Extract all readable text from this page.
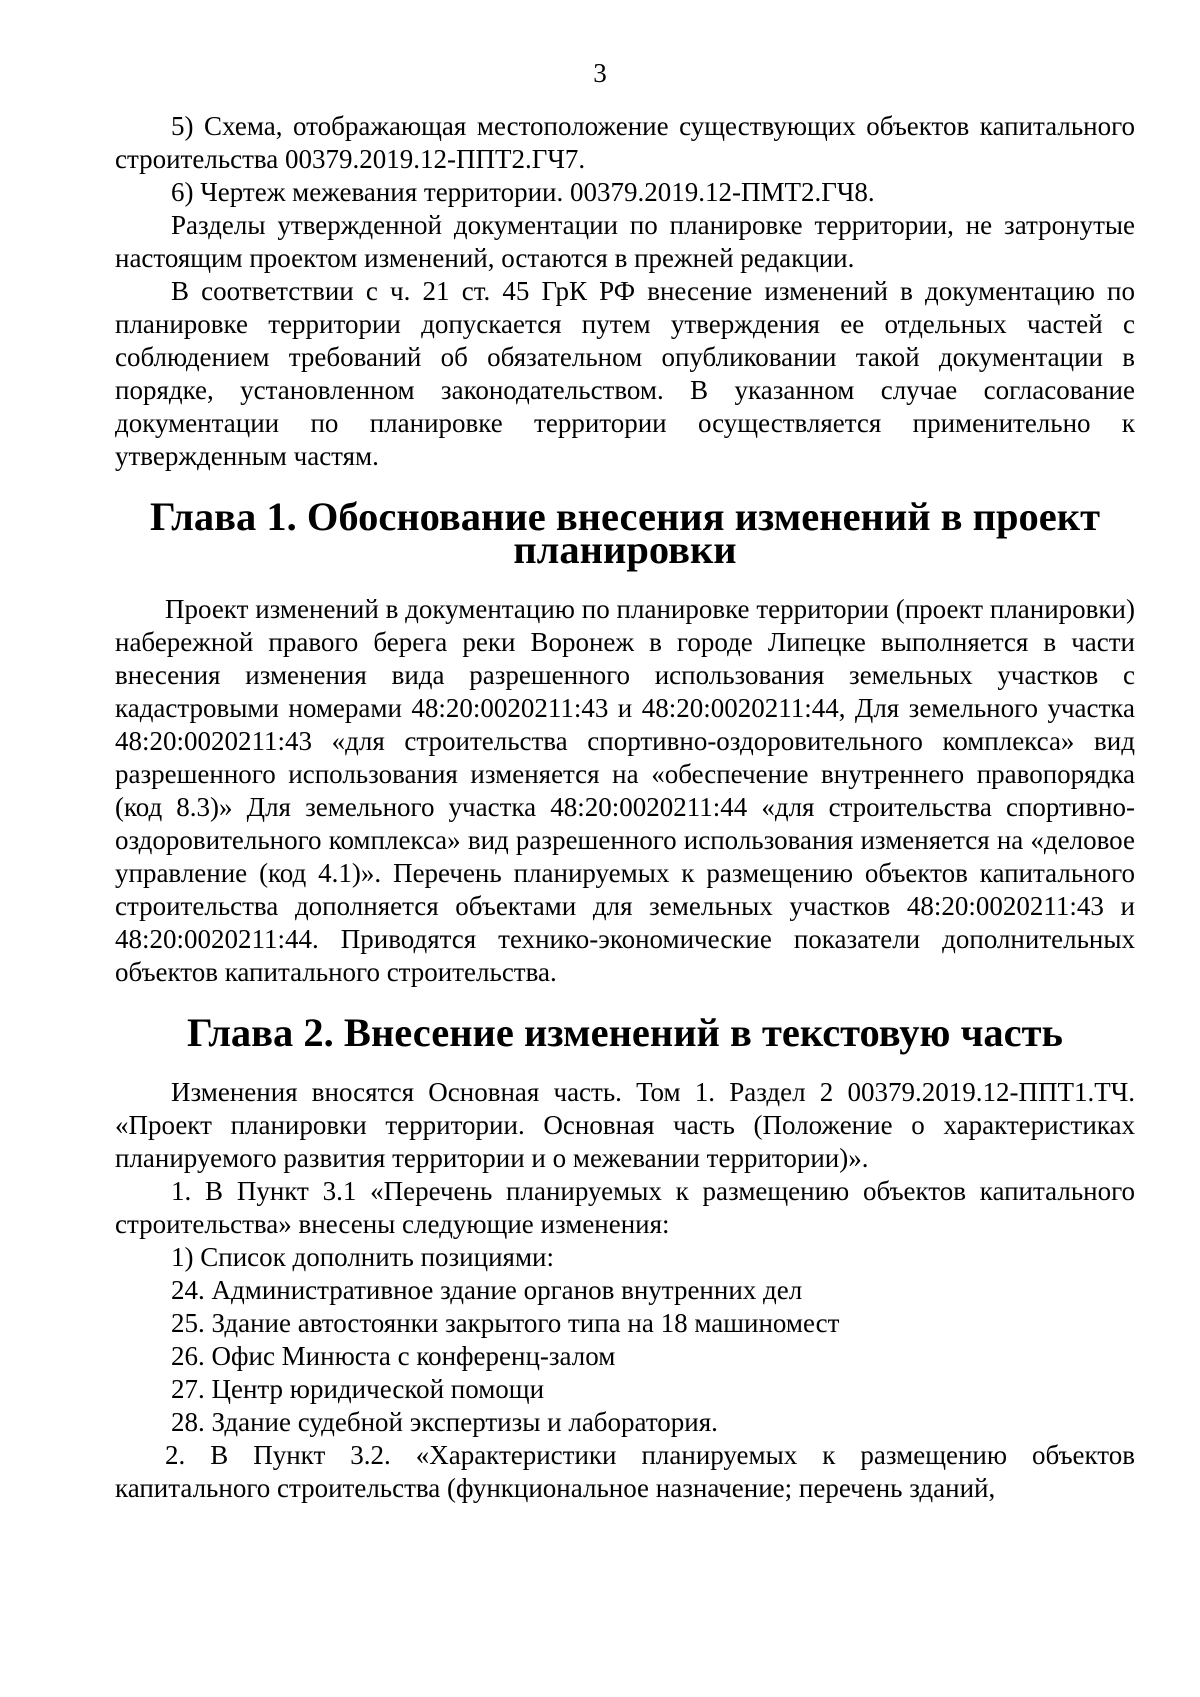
3

5) Схема, отображающая местоположение существующих объектов капитального строительства 00379.2019.12-ППТ2.ГЧ7.

6) Чертеж межевания территории. 00379.2019.12-ПМТ2.ГЧ8.

Разделы утвержденной документации по планировке территории, не затронутые настоящим проектом изменений, остаются в прежней редакции.

В соответствии с ч. 21 ст. 45 ГрК РФ внесение изменений в документацию по планировке территории допускается путем утверждения ее отдельных частей с соблюдением требований об обязательном опубликовании такой документации в порядке, установленном законодательством. В указанном случае согласование документации по планировке территории осуществляется применительно к утвержденным частям.

Глава 1. Обоснование внесения изменений в проект планировки

Проект изменений в документацию по планировке территории (проект планировки) набережной правого берега реки Воронеж в городе Липецке выполняется в части внесения изменения вида разрешенного использования земельных участков с кадастровыми номерами 48:20:0020211:43 и 48:20:0020211:44, Для земельного участка 48:20:0020211:43 «для строительства спортивно-оздоровительного комплекса» вид разрешенного использования изменяется на «обеспечение внутреннего правопорядка (код 8.3)» Для земельного участка 48:20:0020211:44 «для строительства спортивно-оздоровительного комплекса» вид разрешенного использования изменяется на «деловое управление (код 4.1)». Перечень планируемых к размещению объектов капитального строительства дополняется объектами для земельных участков 48:20:0020211:43 и 48:20:0020211:44. Приводятся технико-экономические показатели дополнительных объектов капитального строительства.

Глава 2. Внесение изменений в текстовую часть

Изменения вносятся Основная часть. Том 1. Раздел 2 00379.2019.12-ППТ1.ТЧ. «Проект планировки территории. Основная часть (Положение о характеристиках планируемого развития территории и о межевании территории)».

1. В Пункт 3.1 «Перечень планируемых к размещению объектов капитального строительства» внесены следующие изменения:

1) Список дополнить позициями:

24. Административное здание органов внутренних дел

25. Здание автостоянки закрытого типа на 18 машиномест

26. Офис Минюста с конференц-залом

27. Центр юридической помощи

28. Здание судебной экспертизы и лаборатория.

2. В Пункт 3.2. «Характеристики планируемых к размещению объектов капитального строительства (функциональное назначение; перечень зданий,
